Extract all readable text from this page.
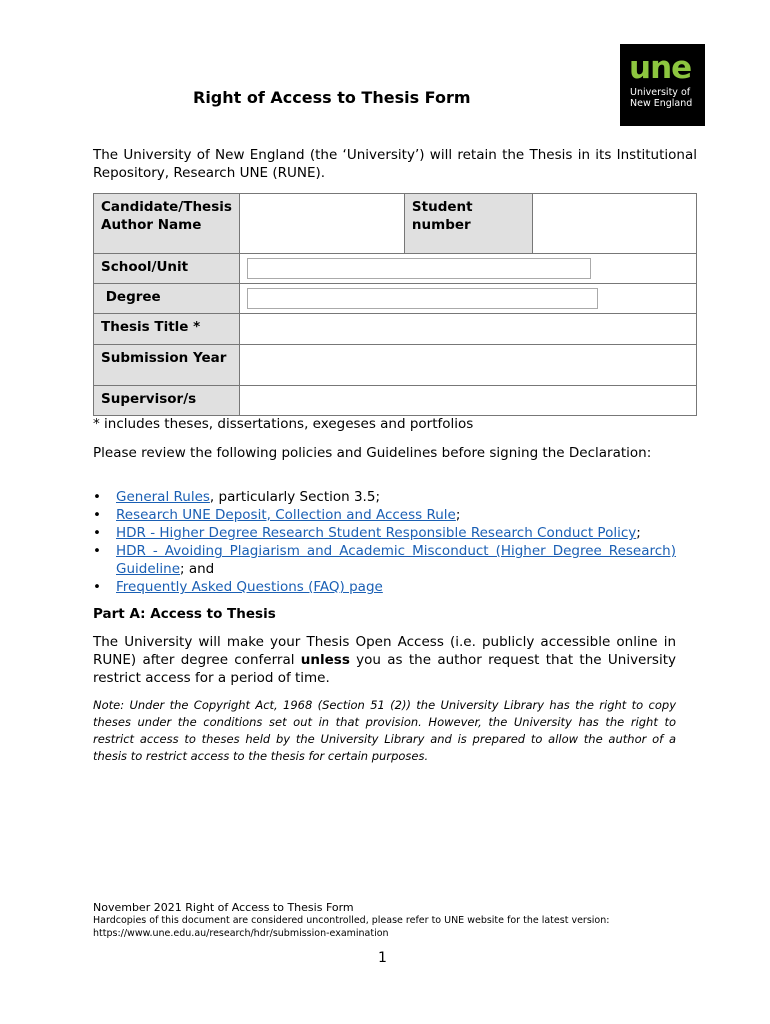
Right of Access to Thesis Form
une
University of
New England
The University of New England (the ‘University’) will retain the Thesis in its Institutional Repository, Research UNE (RUNE).
Candidate/Thesis Author Name		Student number	
School/Unit			

Degree			

Thesis Title *			
Submission Year			
Supervisor/s			
* includes theses, dissertations, exegeses and portfolios
Please review the following policies and Guidelines before signing the Declaration:
• General Rules, particularly Section 3.5;
• Research UNE Deposit, Collection and Access Rule;
• HDR - Higher Degree Research Student Responsible Research Conduct Policy;
• HDR - Avoiding Plagiarism and Academic Misconduct (Higher Degree Research) Guideline; and
• Frequently Asked Questions (FAQ) page
Part A: Access to Thesis
The University will make your Thesis Open Access (i.e. publicly accessible online in RUNE) after degree conferral unless you as the author request that the University restrict access for a period of time.
Note: Under the Copyright Act, 1968 (Section 51 (2)) the University Library has the right to copy theses under the conditions set out in that provision. However, the University has the right to restrict access to theses held by the University Library and is prepared to allow the author of a thesis to restrict access to the thesis for certain purposes.
November 2021 Right of Access to Thesis Form
Hardcopies of this document are considered uncontrolled, please refer to UNE website for the latest version:
https://www.une.edu.au/research/hdr/submission-examination
1
